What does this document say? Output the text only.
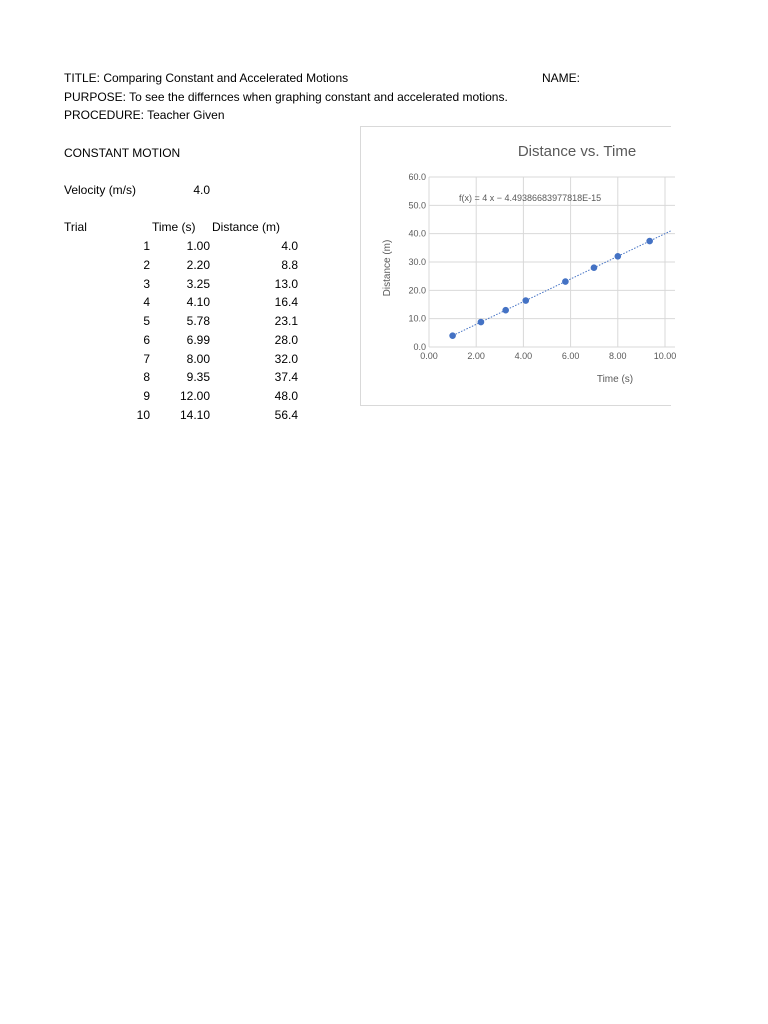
TITLE: Comparing Constant and Accelerated Motions	NAME:
PURPOSE: To see the differnces when graphing constant and accelerated motions.
PROCEDURE: Teacher Given
CONSTANT MOTION
Velocity (m/s)	4.0
Trial	Time (s) Distance (m)
1	1.00	4.0
2	2.20	8.8
3	3.25	13.0
4	4.10	16.4
5	5.78	23.1
6	6.99	28.0
7	8.00	32.0
8	9.35	37.4
9	12.00	48.0
10	14.10	56.4
Distance vs. Time
0.0
10.0
20.0
30.0
40.0
50.0
60.0
0.00	2.00	4.00	6.00	8.00	10.00
f(x) = 4 x − 4.49386683977818E-15
Time (s)
Distance (m)
